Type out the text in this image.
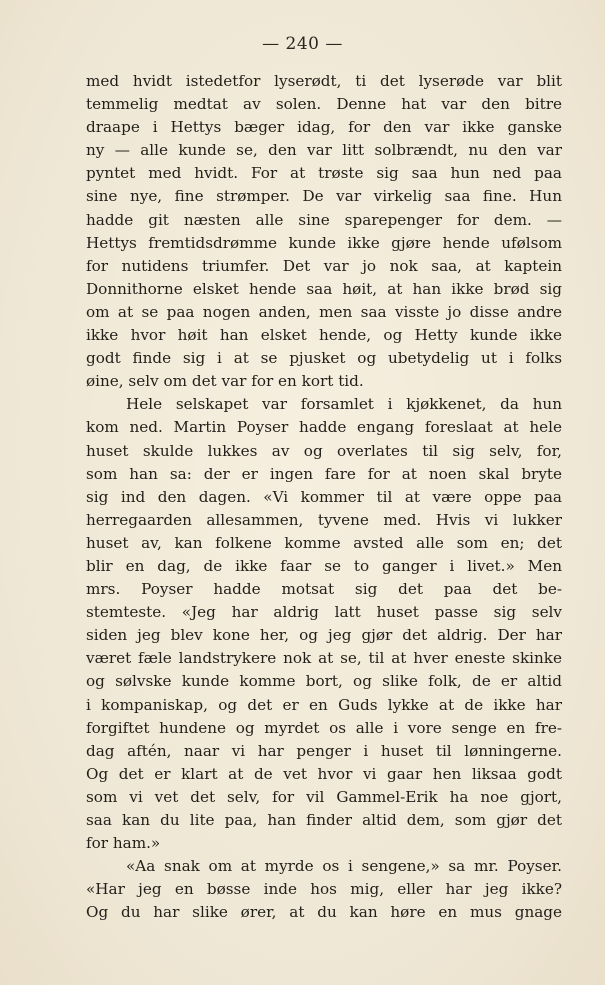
— 240 —
med hvidt istedetfor lyserødt, ti det lyserøde var blit
temmelig medtat av solen. Denne hat var den bitre
draape i Hettys bæger idag, for den var ikke ganske
ny — alle kunde se, den var litt solbrændt, nu den var
pyntet med hvidt. For at trøste sig saa hun ned paa
sine nye, fine strømper. De var virkelig saa fine. Hun
hadde git næsten alle sine sparepenger for dem. —
Hettys fremtidsdrømme kunde ikke gjøre hende ufølsom
for nutidens triumfer. Det var jo nok saa, at kaptein
Donnithorne elsket hende saa høit, at han ikke brød sig
om at se paa nogen anden, men saa visste jo disse andre
ikke hvor høit han elsket hende, og Hetty kunde ikke
godt finde sig i at se pjusket og ubetydelig ut i folks
øine, selv om det var for en kort tid.
Hele selskapet var forsamlet i kjøkkenet, da hun
kom ned. Martin Poyser hadde engang foreslaat at hele
huset skulde lukkes av og overlates til sig selv, for,
som han sa: der er ingen fare for at noen skal bryte
sig ind den dagen. «Vi kommer til at være oppe paa
herregaarden allesammen, tyvene med. Hvis vi lukker
huset av, kan folkene komme avsted alle som en; det
blir en dag, de ikke faar se to ganger i livet.» Men
mrs. Poyser hadde motsat sig det paa det be-
stemteste. «Jeg har aldrig latt huset passe sig selv
siden jeg blev kone her, og jeg gjør det aldrig. Der har
været fæle landstrykere nok at se, til at hver eneste skinke
og sølvske kunde komme bort, og slike folk, de er altid
i kompaniskap, og det er en Guds lykke at de ikke har
forgiftet hundene og myrdet os alle i vore senge en fre-
dag aftén, naar vi har penger i huset til lønningerne.
Og det er klart at de vet hvor vi gaar hen liksaa godt
som vi vet det selv, for vil Gammel-Erik ha noe gjort,
saa kan du lite paa, han finder altid dem, som gjør det
for ham.»
«Aa snak om at myrde os i sengene,» sa mr. Poyser.
«Har jeg en bøsse inde hos mig, eller har jeg ikke?
Og du har slike ører, at du kan høre en mus gnage
